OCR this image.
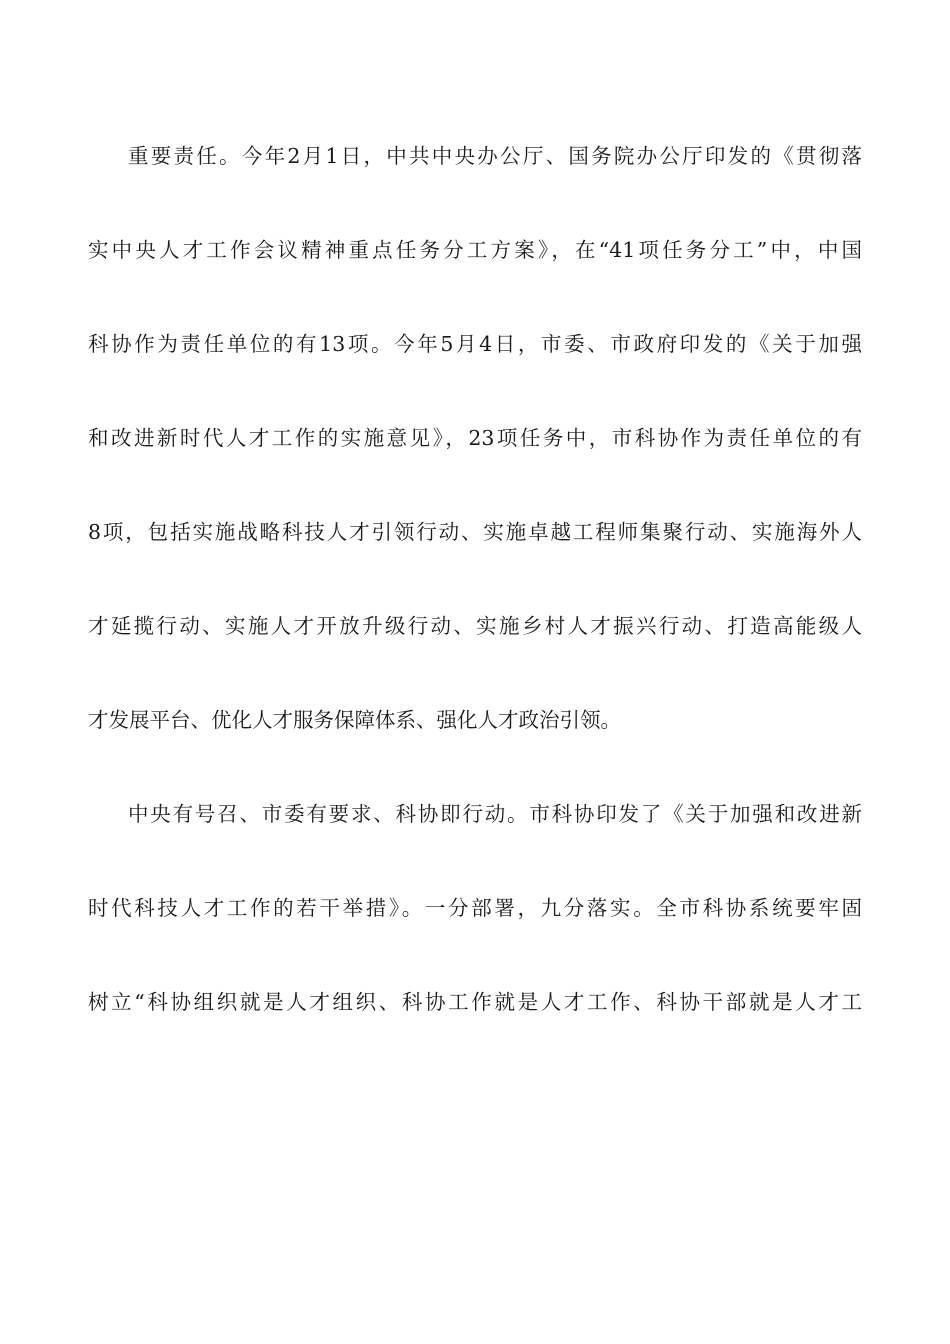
重要责任。今年2月1日，中共中央办公厅、国务院办公厅印发的《贯彻落
实中央人才工作会议精神重点任务分工方案》，在“41项任务分工”中，中国
科协作为责任单位的有13项。今年5月4日，市委、市政府印发的《关于加强
和改进新时代人才工作的实施意见》，23项任务中，市科协作为责任单位的有
8项，包括实施战略科技人才引领行动、实施卓越工程师集聚行动、实施海外人
才延揽行动、实施人才开放升级行动、实施乡村人才振兴行动、打造高能级人
才发展平台、优化人才服务保障体系、强化人才政治引领。
中央有号召、市委有要求、科协即行动。市科协印发了《关于加强和改进新
时代科技人才工作的若干举措》。一分部署，九分落实。全市科协系统要牢固
树立“科协组织就是人才组织、科协工作就是人才工作、科协干部就是人才工
